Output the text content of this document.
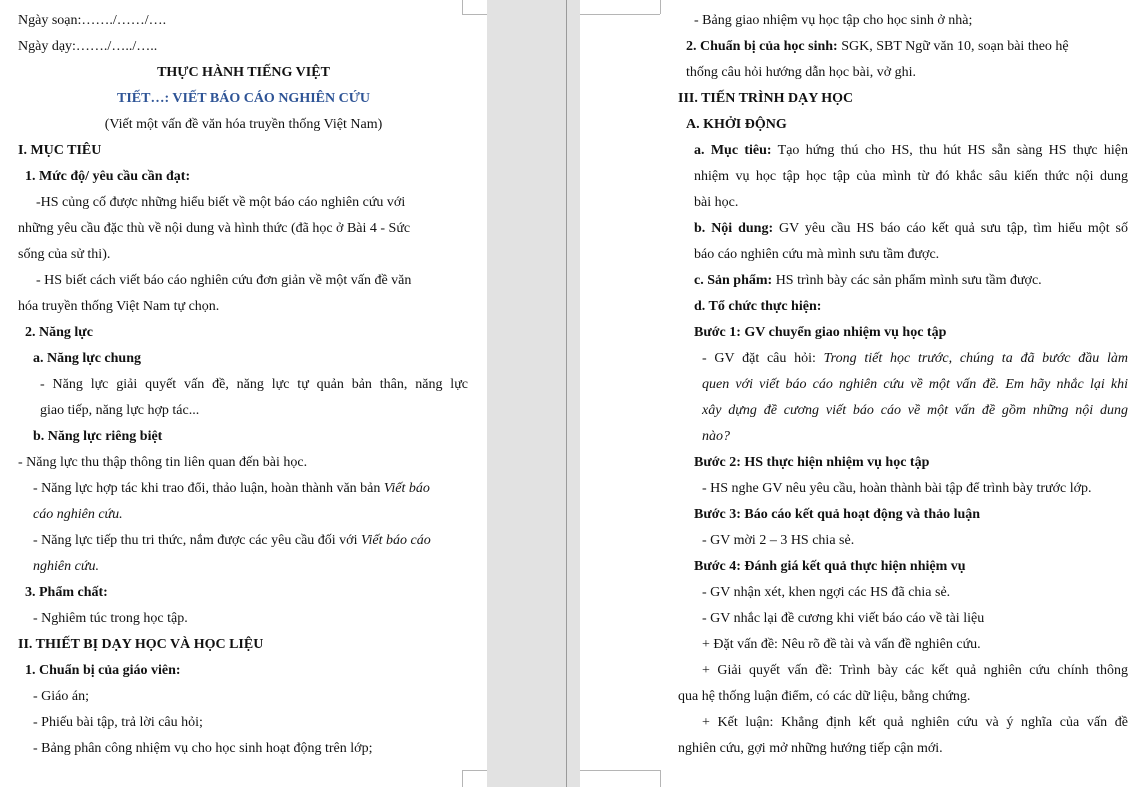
Ngày soạn:……./……/….
Ngày dạy:……./…../…..
THỰC HÀNH TIẾNG VIỆT
TIẾT…: VIẾT BÁO CÁO NGHIÊN CỨU
(Viết một vấn đề văn hóa truyền thống Việt Nam)
I. MỤC TIÊU
1. Mức độ/ yêu cầu cần đạt:
-HS củng cố được những hiểu biết về một báo cáo nghiên cứu với
những yêu cầu đặc thù về nội dung và hình thức (đã học ở Bài 4 - Sức
sống của sử thi).
- HS biết cách viết báo cáo nghiên cứu đơn giản về một vấn đề văn
hóa truyền thống Việt Nam tự chọn.
2. Năng lực
a. Năng lực chung
- Năng lực giải quyết vấn đề, năng lực tự quản bản thân, năng lực
giao tiếp, năng lực hợp tác...
b. Năng lực riêng biệt
- Năng lực thu thập thông tin liên quan đến bài học.
- Năng lực hợp tác khi trao đổi, thảo luận, hoàn thành văn bản Viết báo
cáo nghiên cứu.
- Năng lực tiếp thu tri thức, nắm được các yêu cầu đối với Viết báo cáo
nghiên cứu.
3. Phẩm chất:
- Nghiêm túc trong học tập.
II. THIẾT BỊ DẠY HỌC VÀ HỌC LIỆU
1. Chuẩn bị của giáo viên:
- Giáo án;
- Phiếu bài tập, trả lời câu hỏi;
- Bảng phân công nhiệm vụ cho học sinh hoạt động trên lớp;
- Bảng giao nhiệm vụ học tập cho học sinh ở nhà;
2. Chuẩn bị của học sinh: SGK, SBT Ngữ văn 10, soạn bài theo hệ
thống câu hỏi hướng dẫn học bài, vở ghi.
III. TIẾN TRÌNH DẠY HỌC
A. KHỞI ĐỘNG
a. Mục tiêu: Tạo hứng thú cho HS, thu hút HS sẵn sàng HS thực hiện
nhiệm vụ học tập học tập của mình từ đó khắc sâu kiến thức nội dung
bài học.
b. Nội dung: GV yêu cầu HS báo cáo kết quả sưu tập, tìm hiểu một số
báo cáo nghiên cứu mà mình sưu tầm được.
c. Sản phẩm: HS trình bày các sản phẩm mình sưu tầm được.
d. Tổ chức thực hiện:
Bước 1: GV chuyển giao nhiệm vụ học tập
- GV đặt câu hỏi: Trong tiết học trước, chúng ta đã bước đầu làm
quen với viết báo cáo nghiên cứu về một vấn đề. Em hãy nhắc lại khi
xây dựng đề cương viết báo cáo về một vấn đề gồm những nội dung
nào?
Bước 2: HS thực hiện nhiệm vụ học tập
- HS nghe GV nêu yêu cầu, hoàn thành bài tập để trình bày trước lớp.
Bước 3: Báo cáo kết quả hoạt động và thảo luận
- GV mời 2 – 3 HS chia sẻ.
Bước 4: Đánh giá kết quả thực hiện nhiệm vụ
- GV nhận xét, khen ngợi các HS đã chia sẻ.
- GV nhắc lại đề cương khi viết báo cáo về tài liệu
+ Đặt vấn đề: Nêu rõ đề tài và vấn đề nghiên cứu.
+ Giải quyết vấn đề: Trình bày các kết quả nghiên cứu chính thông
qua hệ thống luận điểm, có các dữ liệu, bằng chứng.
+ Kết luận: Khẳng định kết quả nghiên cứu và ý nghĩa của vấn đề
nghiên cứu, gợi mở những hướng tiếp cận mới.
